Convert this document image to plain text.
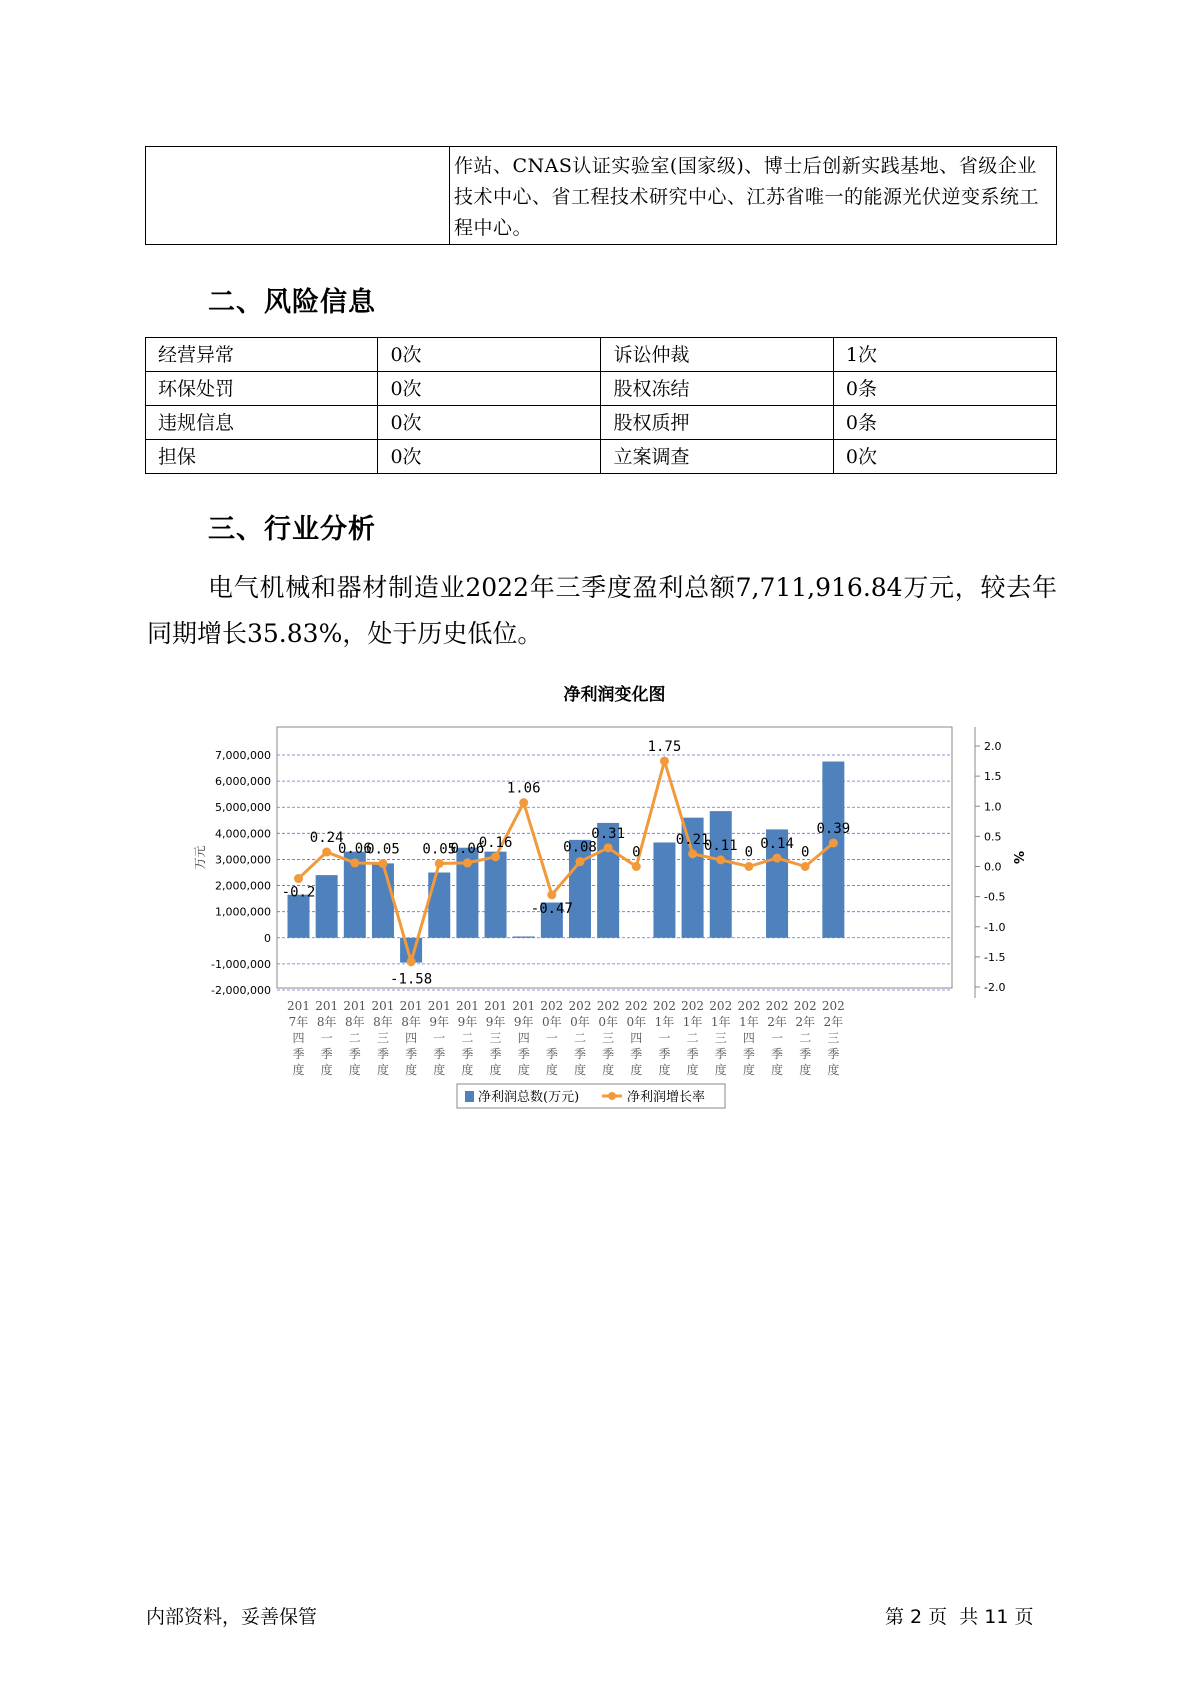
	作站、CNAS认证实验室(国家级)、博士后创新实践基地、省级企业技术中心、省工程技术研究中心、江苏省唯一的能源光伏逆变系统工程中心。
二、风险信息
经营异常	0次	诉讼仲裁	1次
环保处罚	0次	股权冻结	0条
违规信息	0次	股权质押	0条
担保	0次	立案调查	0次
三、行业分析
电气机械和器材制造业2022年三季度盈利总额7,711,916.84万元，较去年同期增长35.83%，处于历史低位。
净利润变化图
7,000,000
6,000,000
5,000,000
4,000,000
3,000,000
2,000,000
1,000,000
0
-1,000,000
-2,000,000
万元
2.0
1.5
1.0
0.5
0.0
-0.5
-1.0
-1.5
-2.0
%
-0.2
0.24
0.06
0.05
-1.58
0.05
0.06
0.16
1.06
-0.47
0.08
0.31
0
1.75
0.21
0.11 0
0.14
0
0.39
201
7年
四
季
度
201
8年
一
季
度
201
8年
二
季
度
201
8年
三
季
度
201
8年
四
季
度
201
9年
一
季
度
201
9年
二
季
度
201
9年
三
季
度
201
9年
四
季
度
202
0年
一
季
度
202
0年
二
季
度
202
0年
三
季
度
202
0年
四
季
度
202
1年
一
季
度
202
1年
二
季
度
202
1年
三
季
度
202
1年
四
季
度
202
2年
一
季
度
202
2年
二
季
度
202
2年
三
季
度
净利润总数(万元)	净利润增长率
内部资料，妥善保管	第 2 页  共 11 页
